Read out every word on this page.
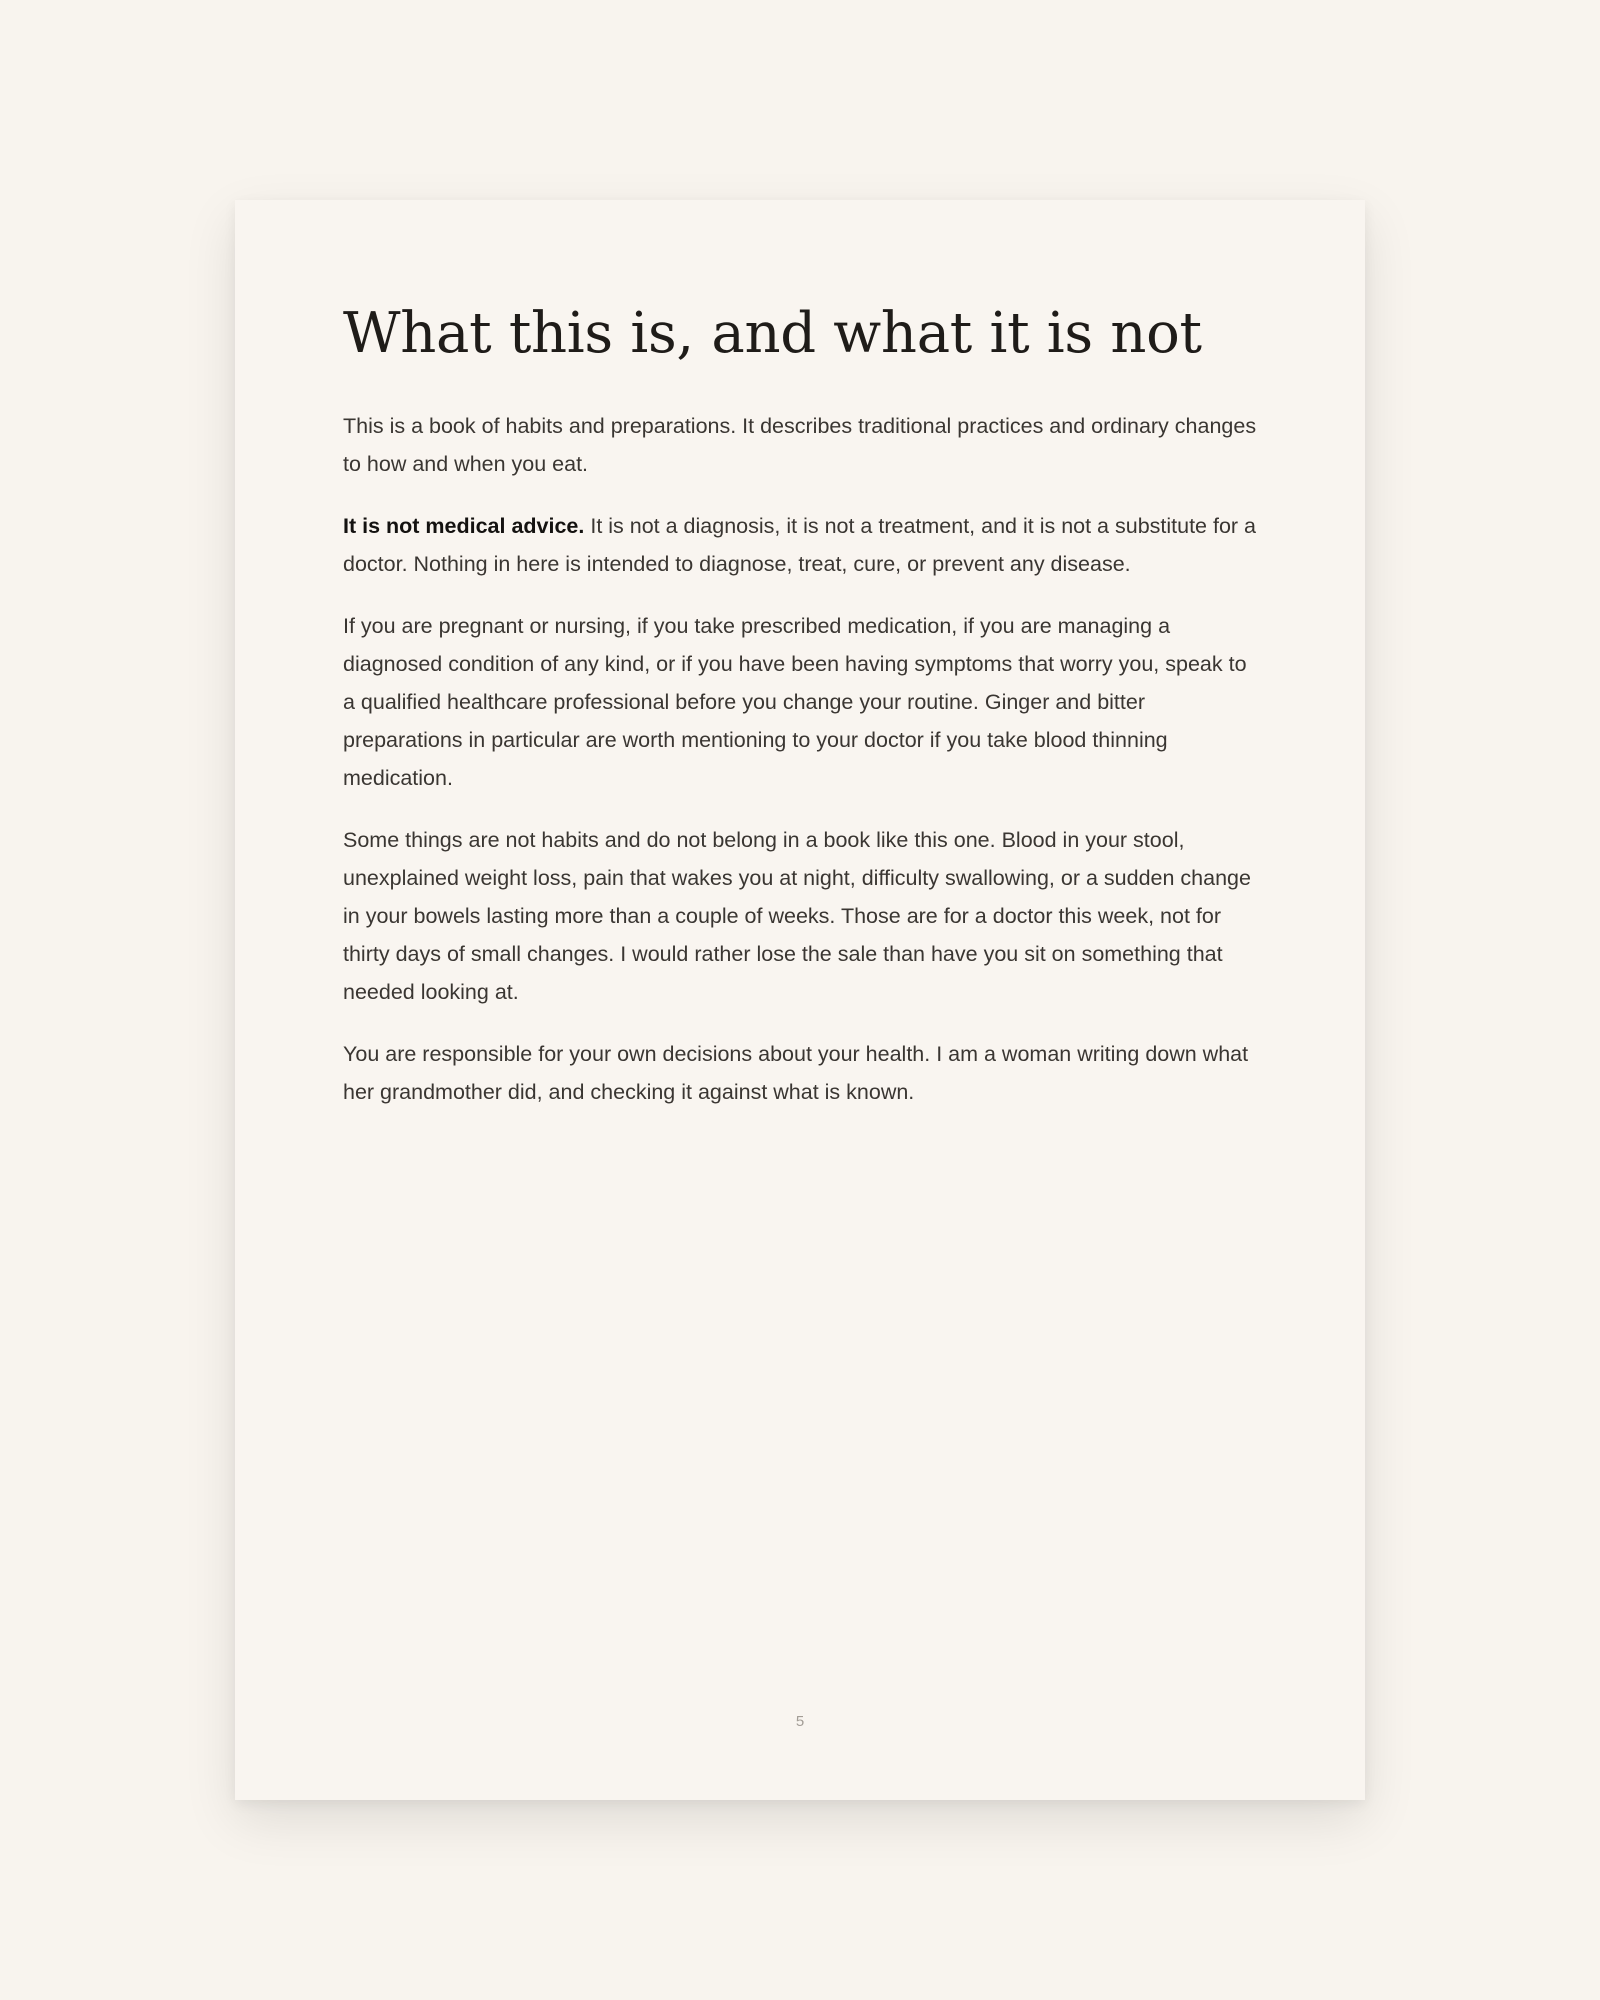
What this is, and what it is not

This is a book of habits and preparations. It describes traditional practices and ordinary changes to how and when you eat.

It is not medical advice. It is not a diagnosis, it is not a treatment, and it is not a substitute for a doctor. Nothing in here is intended to diagnose, treat, cure, or prevent any disease.

If you are pregnant or nursing, if you take prescribed medication, if you are managing a diagnosed condition of any kind, or if you have been having symptoms that worry you, speak to a qualified healthcare professional before you change your routine. Ginger and bitter preparations in particular are worth mentioning to your doctor if you take blood thinning medication.

Some things are not habits and do not belong in a book like this one. Blood in your stool, unexplained weight loss, pain that wakes you at night, difficulty swallowing, or a sudden change in your bowels lasting more than a couple of weeks. Those are for a doctor this week, not for thirty days of small changes. I would rather lose the sale than have you sit on something that needed looking at.

You are responsible for your own decisions about your health. I am a woman writing down what her grandmother did, and checking it against what is known.

5
